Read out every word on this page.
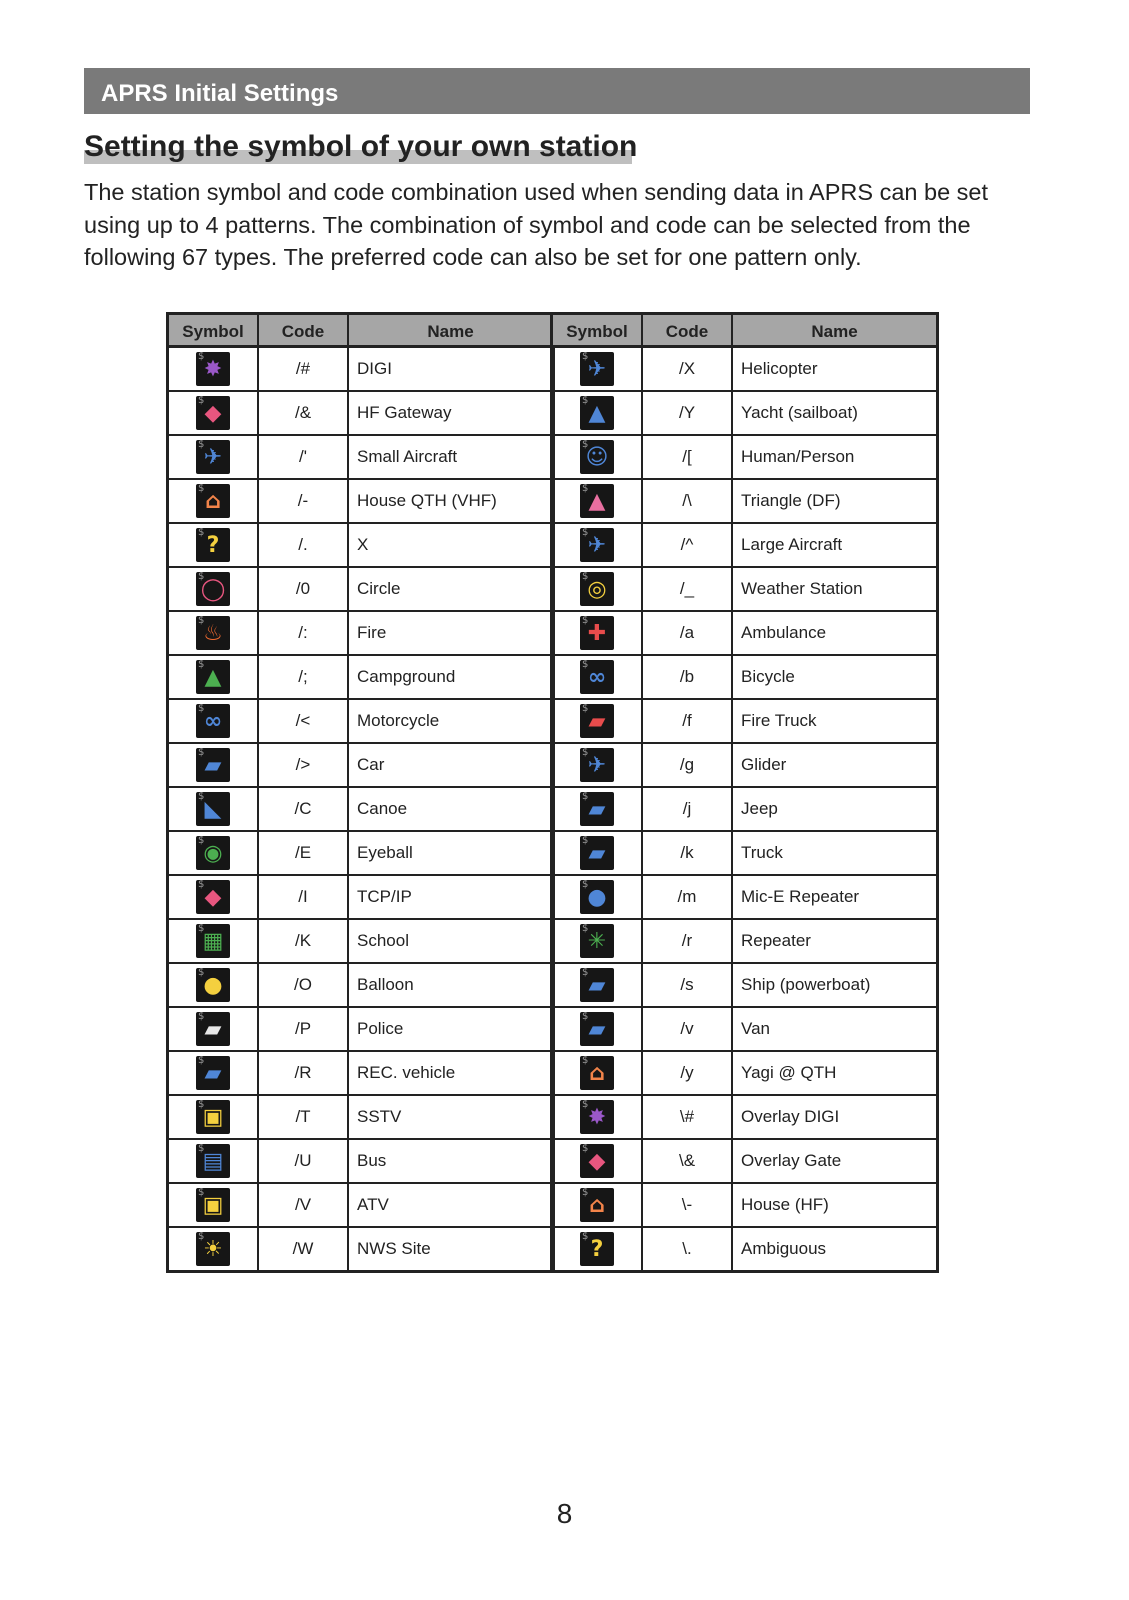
APRS Initial Settings
Setting the symbol of your own station

The station symbol and code combination used when sending data in APRS can be set using up to 4 patterns. The combination of symbol and code can be selected from the following 67 types. The preferred code can also be set for one pattern only.

Symbol	Code	Name

$
✸	/#	DIGI

$
◆	/&	HF Gateway

$
✈	/'	Small Aircraft

$
⌂	/-	House QTH (VHF)

$
?	/.	X

$
◯	/0	Circle

$
♨	/:	Fire

$
▲	/;	Campground

$
∞	/<	Motorcycle

$
▰	/>	Car

$
◣	/C	Canoe

$
◉	/E	Eyeball

$
◆	/I	TCP/IP

$
▦	/K	School

$
●	/O	Balloon

$
▰	/P	Police

$
▰	/R	REC. vehicle

$
▣	/T	SSTV

$
▤	/U	Bus

$
▣	/V	ATV

$
☀	/W	NWS Site
Symbol	Code	Name

$
✈	/X	Helicopter

$
▲	/Y	Yacht (sailboat)

$
☺	/[	Human/Person

$
▲	/\	Triangle (DF)

$
✈	/^	Large Aircraft

$
◎	/_	Weather Station

$
✚	/a	Ambulance

$
∞	/b	Bicycle

$
▰	/f	Fire Truck

$
✈	/g	Glider

$
▰	/j	Jeep

$
▰	/k	Truck

$
●	/m	Mic-E Repeater

$
✳	/r	Repeater

$
▰	/s	Ship (powerboat)

$
▰	/v	Van

$
⌂	/y	Yagi @ QTH

$
✸	\#	Overlay DIGI

$
◆	\&	Overlay Gate

$
⌂	\-	House (HF)

$
?	\.	Ambiguous
8
